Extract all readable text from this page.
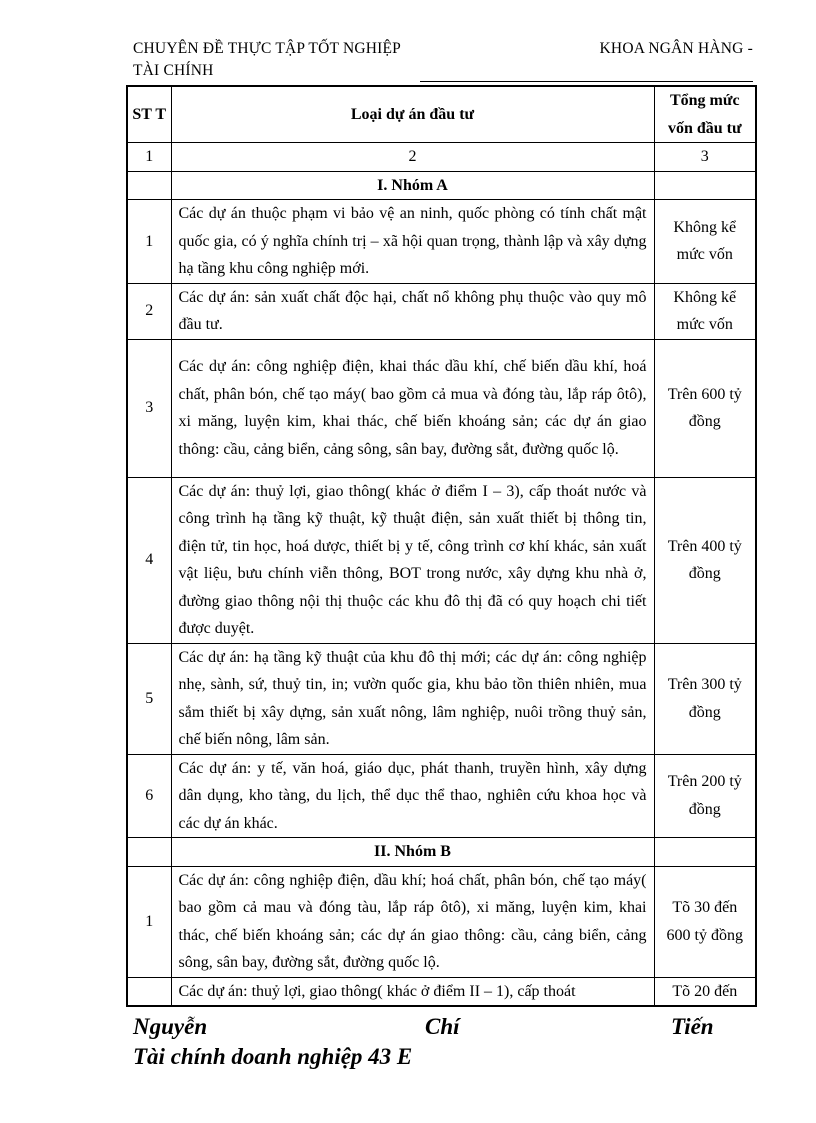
CHUYÊN ĐỀ THỰC TẬP TỐT NGHIỆP	KHOA NGÂN HÀNG -
TÀI CHÍNH
ST T	Loại dự án đầu tư	Tổng mức vốn đầu tư
1	2	3
	I. Nhóm A	
1	Các dự án thuộc phạm vi bảo vệ an ninh, quốc phòng có tính chất mật quốc gia, có ý nghĩa chính trị – xã hội quan trọng, thành lập và xây dựng hạ tầng khu công nghiệp mới.	Không kể mức vốn
2	Các dự án: sản xuất chất độc hại, chất nổ không phụ thuộc vào quy mô đầu tư.	Không kể mức vốn
3	Các dự án: công nghiệp điện, khai thác dầu khí, chế biến dầu khí, hoá chất, phân bón, chế tạo máy( bao gồm cả mua và đóng tàu, lắp ráp ôtô), xi măng, luyện kim, khai thác, chế biến khoáng sản; các dự án giao thông: cầu, cảng biển, cảng sông, sân bay, đường sắt, đường quốc lộ.	Trên 600 tỷ đồng
4	Các dự án: thuỷ lợi, giao thông( khác ở điểm I – 3), cấp thoát nước và công trình hạ tầng kỹ thuật, kỹ thuật điện, sản xuất thiết bị thông tin, điện tử, tin học, hoá dược, thiết bị y tế, công trình cơ khí khác, sản xuất vật liệu, bưu chính viễn thông, BOT trong nước, xây dựng khu nhà ở, đường giao thông nội thị thuộc các khu đô thị đã có quy hoạch chi tiết được duyệt.	Trên 400 tỷ đồng
5	Các dự án: hạ tầng kỹ thuật của khu đô thị mới; các dự án: công nghiệp nhẹ, sành, sứ, thuỷ tin, in; vườn quốc gia, khu bảo tồn thiên nhiên, mua sắm thiết bị xây dựng, sản xuất nông, lâm nghiệp, nuôi trồng thuỷ sản, chế biến nông, lâm sản.	Trên 300 tỷ đồng
6	Các dự án: y tế, văn hoá, giáo dục, phát thanh, truyền hình, xây dựng dân dụng, kho tàng, du lịch, thể dục thể thao, nghiên cứu khoa học và các dự án khác.	Trên 200 tỷ đồng
	II. Nhóm B	
1	Các dự án: công nghiệp điện, dầu khí; hoá chất, phân bón, chế tạo máy( bao gồm cả mau và đóng tàu, lắp ráp ôtô), xi măng, luyện kim, khai thác, chế biến khoáng sản; các dự án giao thông: cầu, cảng biển, cảng sông, sân bay, đường sắt, đường quốc lộ.	Tõ 30 đến 600 tỷ đồng
	Các dự án: thuỷ lợi, giao thông( khác ở điểm II – 1), cấp thoát	Tõ 20 đến
Nguyễn	Chí	Tiến
Tài chính doanh nghiệp 43 E
